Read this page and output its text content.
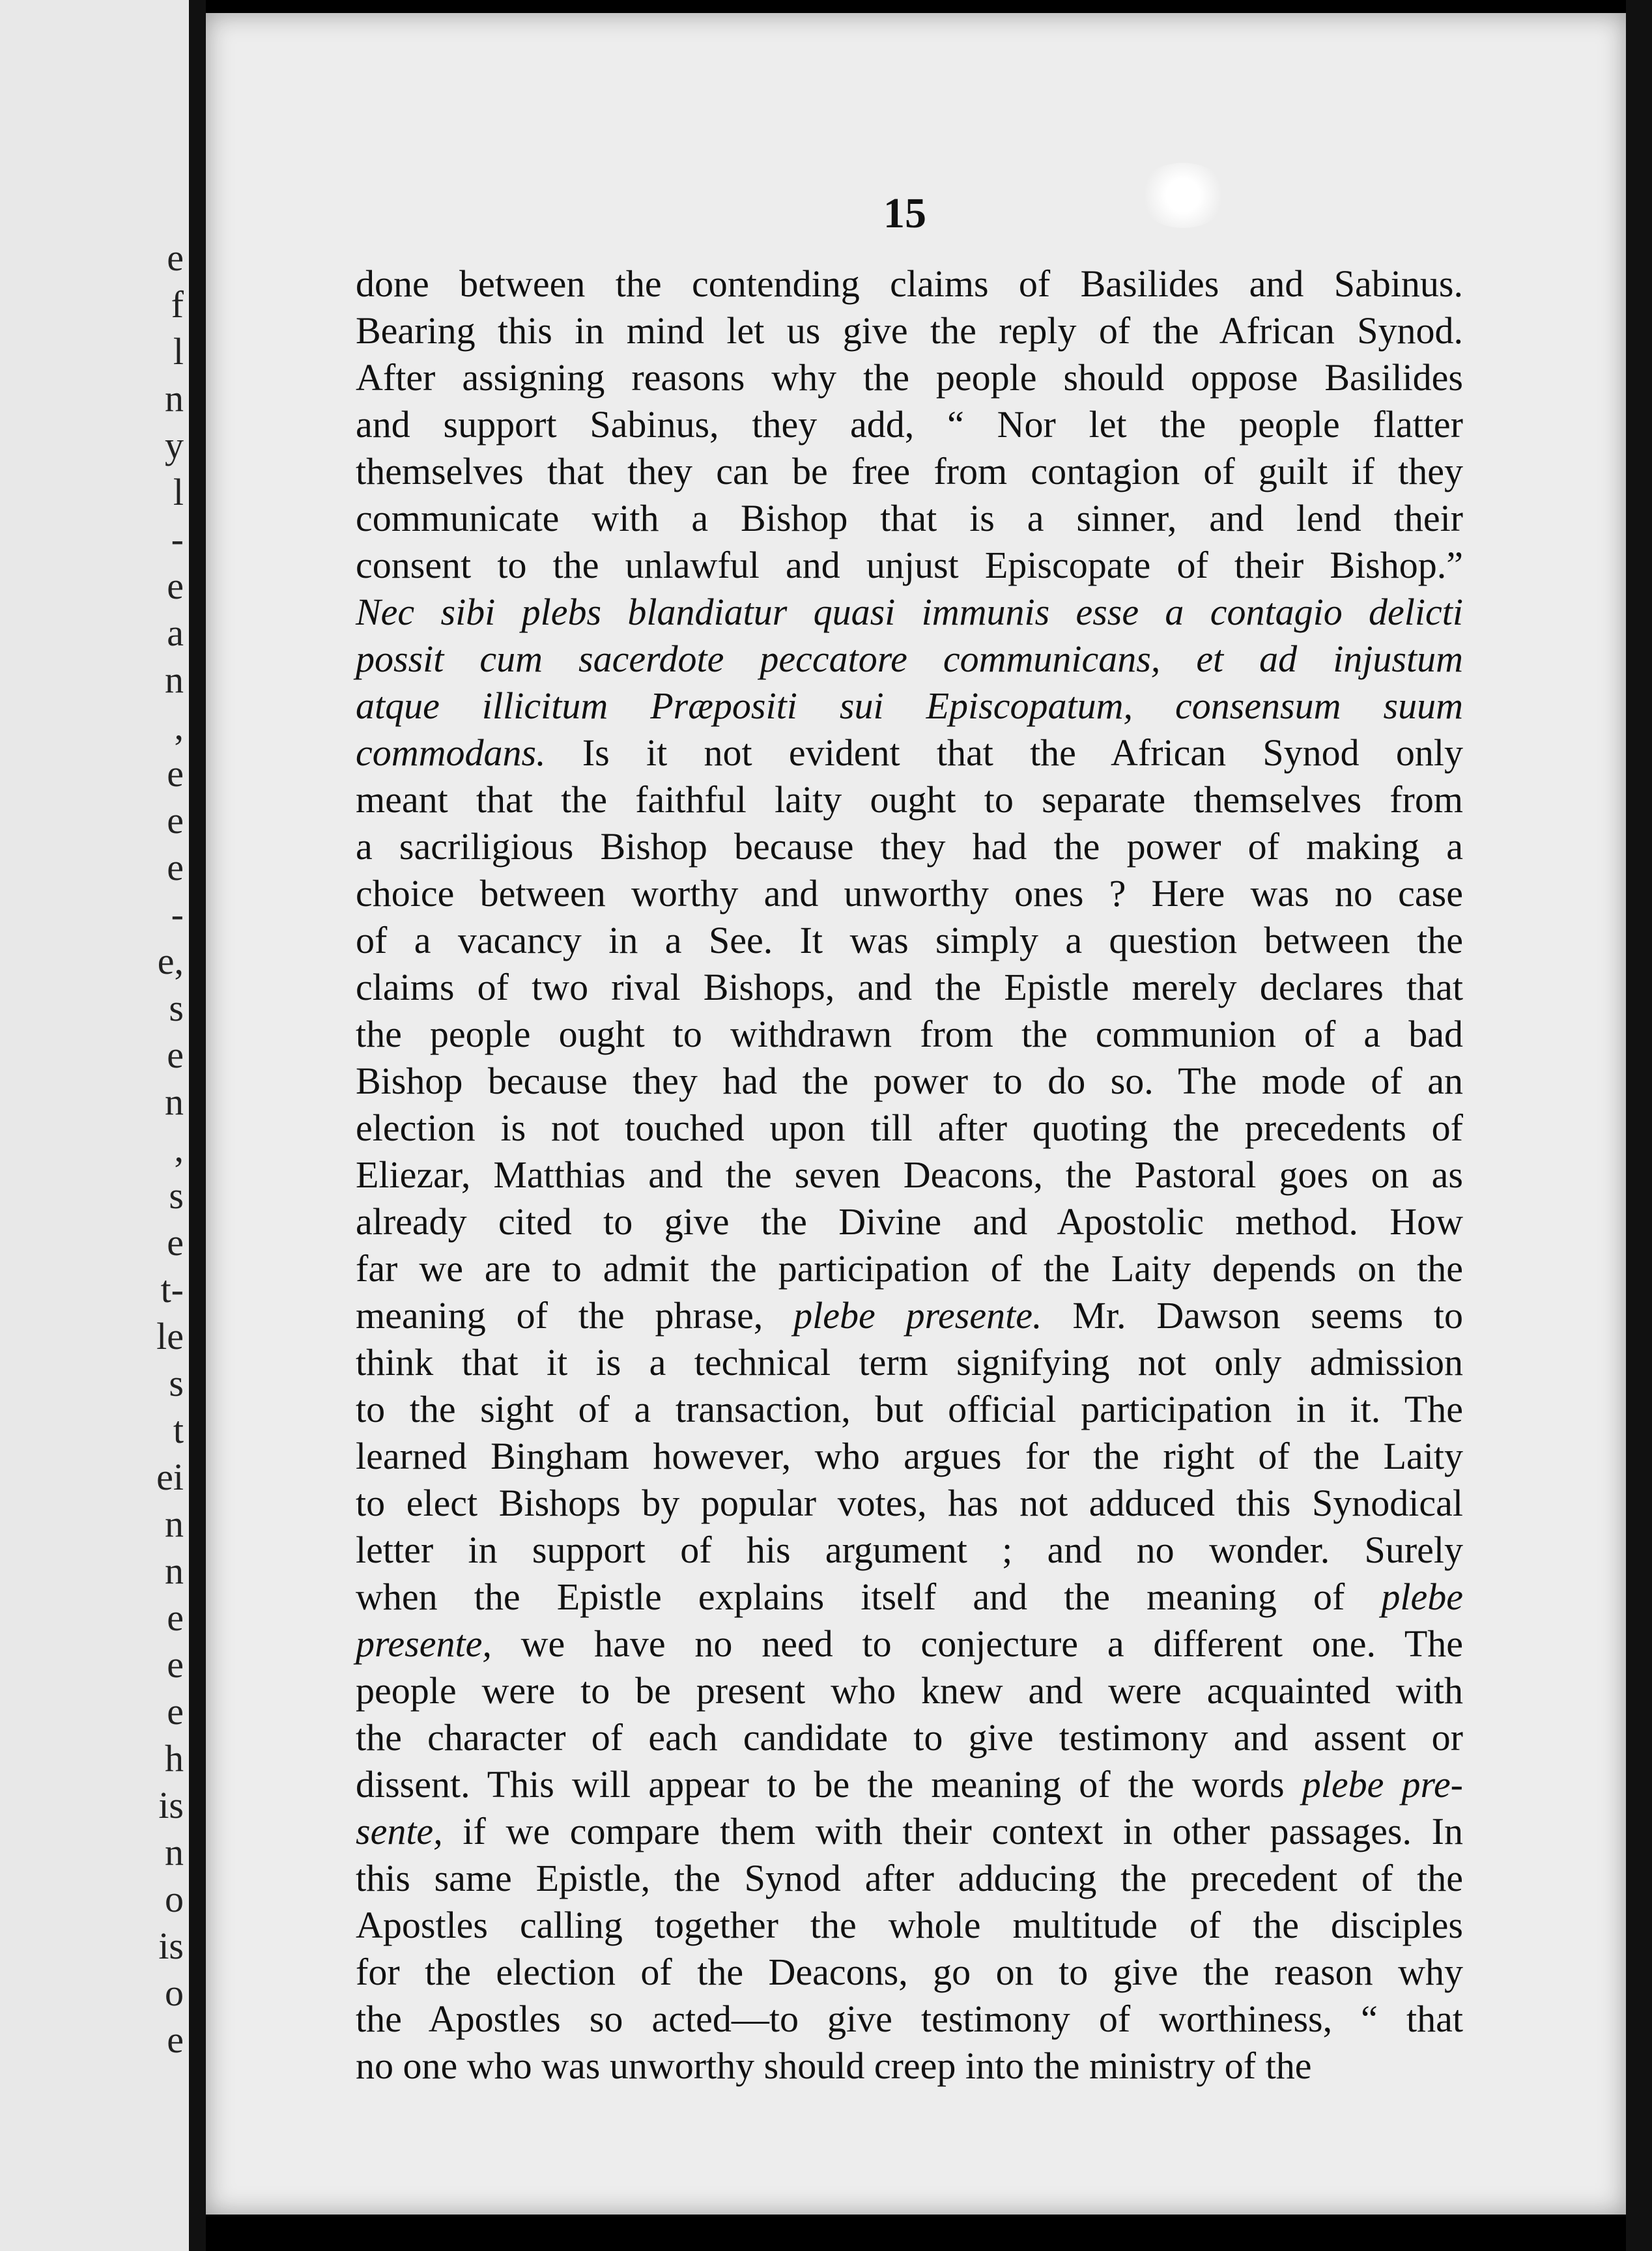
e
f
l
n
y
l
-
e
a
n
,
e
e
e
-
e,
s
e
n
,
s
e
t-
le
s
t
ei
n
n
e
e
e
h
is
n
o
is
o
e
15
done between the contending claims of Basilides and Sabinus.
Bearing this in mind let us give the reply of the African Synod.
After assigning reasons why the people should oppose Basilides
and support Sabinus, they add, “ Nor let the people flatter
themselves that they can be free from contagion of guilt if they
communicate with a Bishop that is a sinner, and lend their
consent to the unlawful and unjust Episcopate of their Bishop.”
Nec sibi plebs blandiatur quasi immunis esse a contagio delicti
possit cum sacerdote peccatore communicans, et ad injustum
atque illicitum Præpositi sui Episcopatum, consensum suum
commodans. Is it not evident that the African Synod only
meant that the faithful laity ought to separate themselves from
a sacriligious Bishop because they had the power of making a
choice between worthy and unworthy ones ? Here was no case
of a vacancy in a See. It was simply a question between the
claims of two rival Bishops, and the Epistle merely declares that
the people ought to withdrawn from the communion of a bad
Bishop because they had the power to do so. The mode of an
election is not touched upon till after quoting the precedents of
Eliezar, Matthias and the seven Deacons, the Pastoral goes on as
already cited to give the Divine and Apostolic method. How
far we are to admit the participation of the Laity depends on the
meaning of the phrase, plebe presente. Mr. Dawson seems to
think that it is a technical term signifying not only admission
to the sight of a transaction, but official participation in it. The
learned Bingham however, who argues for the right of the Laity
to elect Bishops by popular votes, has not adduced this Synodical
letter in support of his argument ; and no wonder. Surely
when the Epistle explains itself and the meaning of plebe
presente, we have no need to conjecture a different one. The
people were to be present who knew and were acquainted with
the character of each candidate to give testimony and assent or
dissent. This will appear to be the meaning of the words plebe pre-
sente, if we compare them with their context in other passages. In
this same Epistle, the Synod after adducing the precedent of the
Apostles calling together the whole multitude of the disciples
for the election of the Deacons, go on to give the reason why
the Apostles so acted—to give testimony of worthiness, “ that
no one who was unworthy should creep into the ministry of the
